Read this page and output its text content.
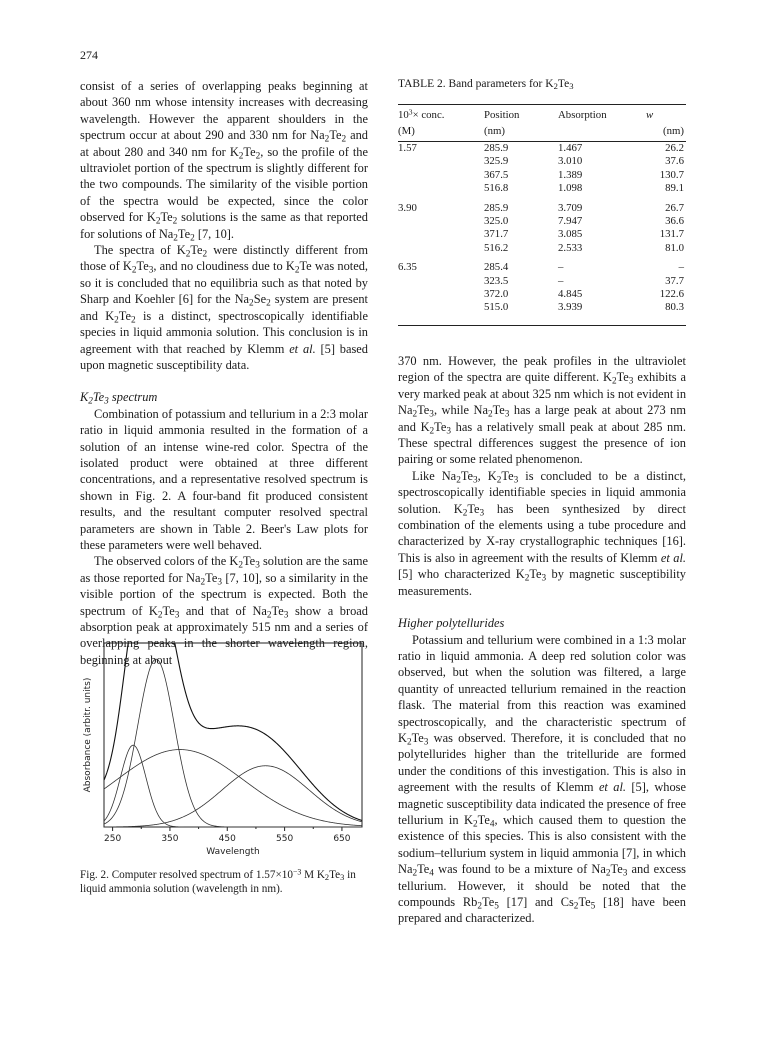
274

consist of a series of overlapping peaks beginning at about 360 nm whose intensity increases with decreasing wavelength. However the apparent shoulders in the spectrum occur at about 290 and 330 nm for $Na_2Te_2$ and at about 280 and 340 nm for $K_2Te_2$, so the profile of the ultraviolet portion of the spectrum is slightly different for the two compounds. The similarity of the visible portion of the spectra would be expected, since the color observed for $K_2Te_2$ solutions is the same as that reported for solutions of $Na_2Te_2$ [7, 10].

The spectra of $K_2Te_2$ were distinctly different from those of $K_2Te_3$, and no cloudiness due to $K_2Te$ was noted, so it is concluded that no equilibria such as that noted by Sharp and Koehler [6] for the $Na_2Se_2$ system are present and $K_2Te_2$ is a distinct, spectroscopically identifiable species in liquid ammonia solution. This conclusion is in agreement with that reached by Klemm et al. [5] based upon magnetic susceptibility data.

$K_2Te_3$ spectrum

Combination of potassium and tellurium in a 2:3 molar ratio in liquid ammonia resulted in the formation of a solution of an intense wine-red color. Spectra of the isolated product were obtained at three different concentrations, and a representative resolved spectrum is shown in Fig. 2. A four-band fit produced consistent results, and the resultant computer resolved spectral parameters are shown in Table 2. Beer's Law plots for these parameters were well behaved.

The observed colors of the $K_2Te_3$ solution are the same as those reported for $Na_2Te_3$ [7, 10], so a similarity in the visible portion of the spectrum is expected. Both the spectrum of $K_2Te_3$ and that of $Na_2Te_3$ show a broad absorption peak at approximately 515 nm and a series of overlapping peaks in the shorter wavelength region, beginning at about

TABLE 2. Band parameters for $K_2Te_3$
$10^3\times$ conc.	Position	Absorption	w
(M)	(nm)		(nm)
1.57	285.9	1.467	26.2
	325.9	3.010	37.6
	367.5	1.389	130.7
	516.8	1.098	89.1
3.90	285.9	3.709	26.7
	325.0	7.947	36.6
	371.7	3.085	131.7
	516.2	2.533	81.0
6.35	285.4	–	–
	323.5	–	37.7
	372.0	4.845	122.6
	515.0	3.939	80.3
250	350	450	550	650
Wavelength
Absorbance (arbitr. units)
Fig. 2. Computer resolved spectrum of $1.57\times 10^{-3}$ M $K_2Te_3$ in liquid ammonia solution (wavelength in nm).

370 nm. However, the peak profiles in the ultraviolet region of the spectra are quite different. $K_2Te_3$ exhibits a very marked peak at about 325 nm which is not evident in $Na_2Te_3$, while $Na_2Te_3$ has a large peak at about 273 nm and $K_2Te_3$ has a relatively small peak at about 285 nm. These spectral differences suggest the presence of ion pairing or some related phenomenon.

Like $Na_2Te_3$, $K_2Te_3$ is concluded to be a distinct, spectroscopically identifiable species in liquid ammonia solution. $K_2Te_3$ has been synthesized by direct combination of the elements using a tube procedure and characterized by X-ray crystallographic techniques [16]. This is also in agreement with the results of Klemm et al. [5] who characterized $K_2Te_3$ by magnetic susceptibility measurements.

Higher polytellurides

Potassium and tellurium were combined in a 1:3 molar ratio in liquid ammonia. A deep red solution color was observed, but when the solution was filtered, a large quantity of unreacted tellurium remained in the reaction flask. The material from this reaction was examined spectroscopically, and the characteristic spectrum of $K_2Te_3$ was observed. Therefore, it is concluded that no polytellurides higher than the tritelluride are formed under the conditions of this investigation. This is also in agreement with the results of Klemm et al. [5], whose magnetic susceptibility data indicated the presence of free tellurium in $K_2Te_4$, which caused them to question the existence of this species. This is also consistent with the sodium–tellurium system in liquid ammonia [7], in which $Na_2Te_4$ was found to be a mixture of $Na_2Te_3$ and excess tellurium. However, it should be noted that the compounds $Rb_2Te_5$ [17] and $Cs_2Te_5$ [18] have been prepared and characterized.
